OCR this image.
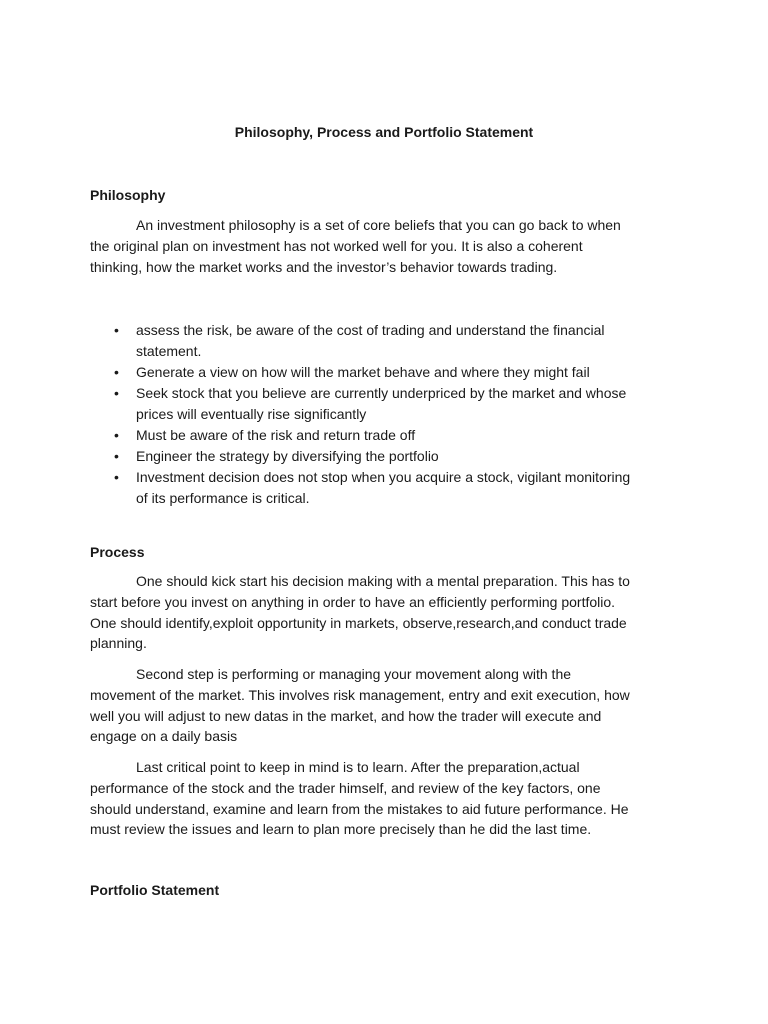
Philosophy, Process and Portfolio Statement
Philosophy

An investment philosophy is a set of core beliefs that you can go back to when
the original plan on investment has not worked well for you. It is also a coherent
thinking, how the market works and the investor’s behavior towards trading.

• assess the risk, be aware of the cost of trading and understand the financial
statement.
• Generate a view on how will the market behave and where they might fail
• Seek stock that you believe are currently underpriced by the market and whose
prices will eventually rise significantly
• Must be aware of the risk and return trade off
• Engineer the strategy by diversifying the portfolio
• Investment decision does not stop when you acquire a stock, vigilant monitoring
of its performance is critical.
Process

One should kick start his decision making with a mental preparation. This has to
start before you invest on anything in order to have an efficiently performing portfolio.
One should identify,exploit opportunity in markets, observe,research,and conduct trade
planning.

Second step is performing or managing your movement along with the
movement of the market. This involves risk management, entry and exit execution, how
well you will adjust to new datas in the market, and how the trader will execute and
engage on a daily basis

Last critical point to keep in mind is to learn. After the preparation,actual
performance of the stock and the trader himself, and review of the key factors, one
should understand, examine and learn from the mistakes to aid future performance. He
must review the issues and learn to plan more precisely than he did the last time.

Portfolio Statement
